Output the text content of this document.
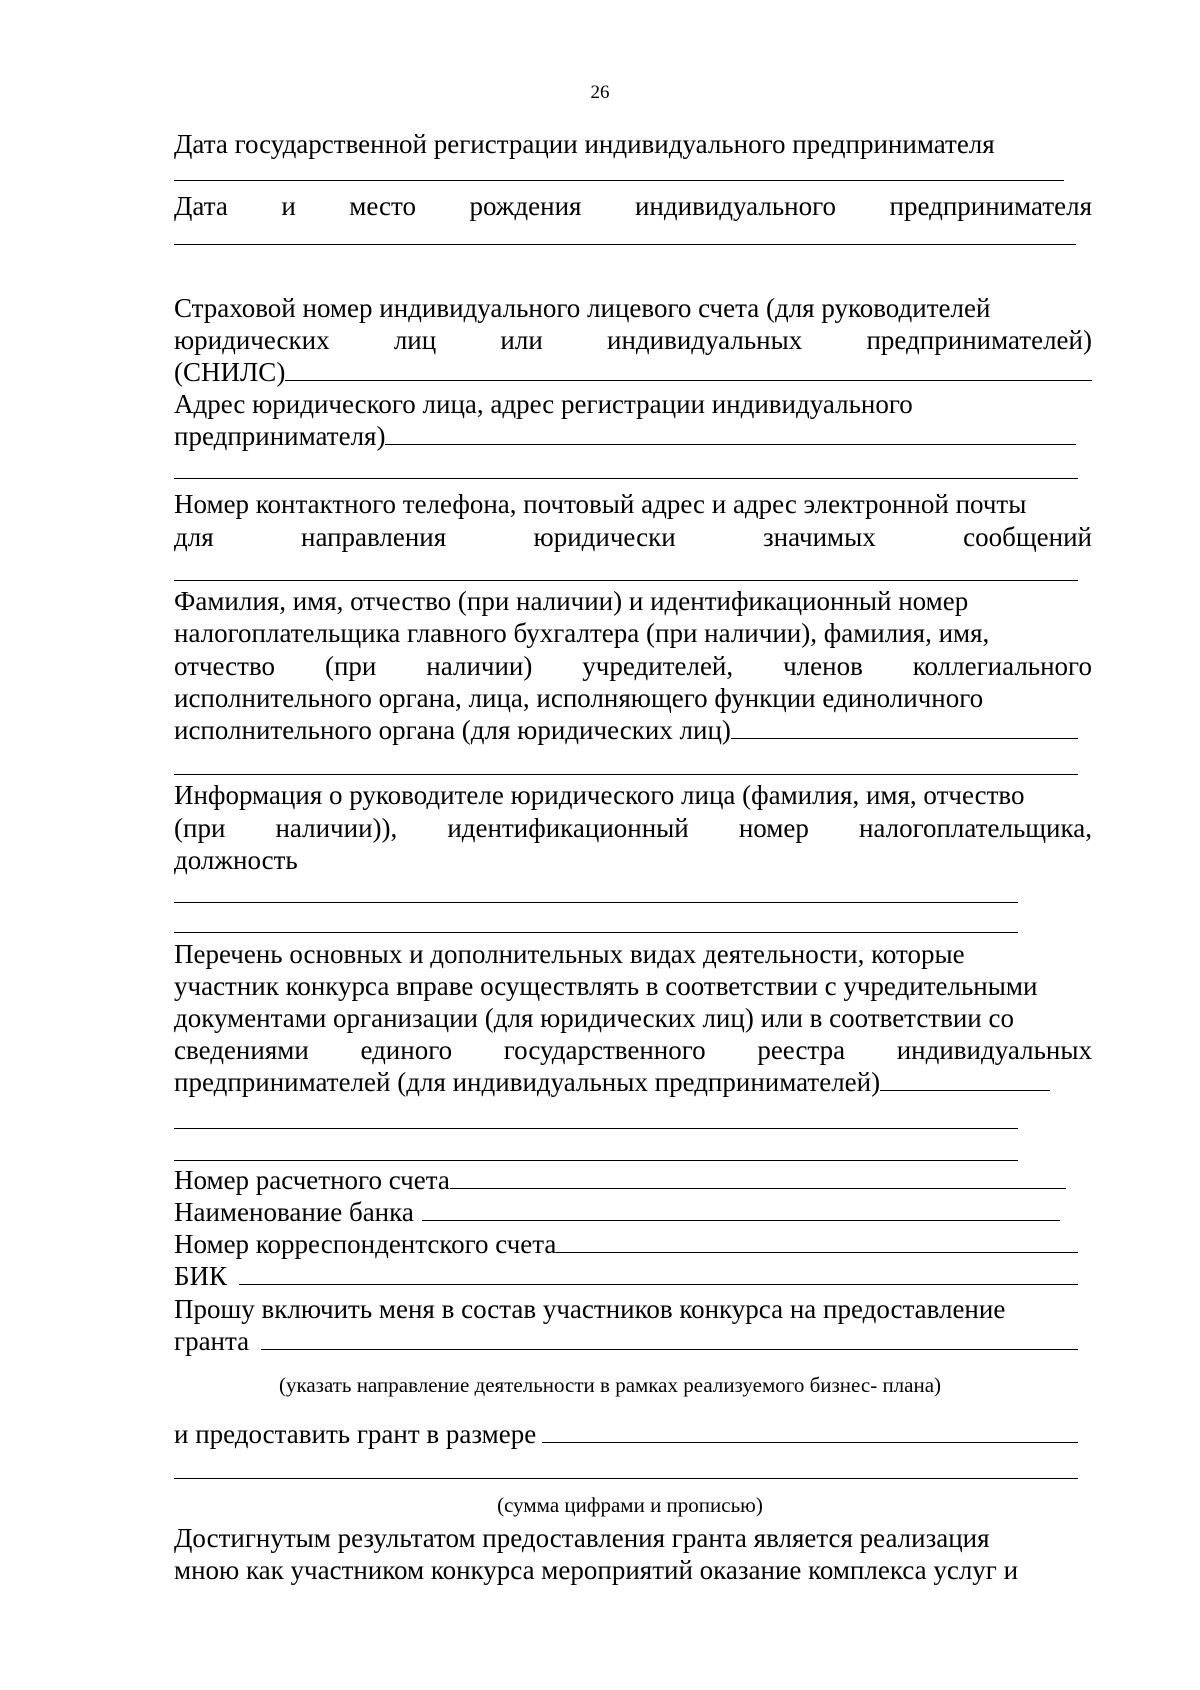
26
Дата государственной регистрации индивидуального предпринимателя
Дата и место рождения индивидуального предпринимателя
Страховой номер индивидуального лицевого счета (для руководителей
юридических лиц или индивидуальных предпринимателей)
(СНИЛС)
Адрес юридического лица, адрес регистрации индивидуального
предпринимателя)
Номер контактного телефона, почтовый адрес и адрес электронной почты
для	направления	юридически	значимых	сообщений
Фамилия, имя, отчество (при наличии) и идентификационный номер
налогоплательщика главного бухгалтера (при наличии), фамилия, имя,
отчество (при наличии) учредителей, членов коллегиального
исполнительного органа, лица, исполняющего функции единоличного
исполнительного органа (для юридических лиц)
Информация о руководителе юридического лица (фамилия, имя, отчество
(при наличии)), идентификационный номер налогоплательщика,
должность
Перечень основных и дополнительных видах деятельности, которые
участник конкурса вправе осуществлять в соответствии с учредительными
документами организации (для юридических лиц) или в соответствии со
сведениями единого государственного реестра индивидуальных
предпринимателей (для индивидуальных предпринимателей)
Номер расчетного счета
Наименование банка
Номер корреспондентского счета
БИК
Прошу включить меня в состав участников конкурса на предоставление
гранта
(указать направление деятельности в рамках реализуемого бизнес- плана)
и предоставить грант в размере
(сумма цифрами и прописью)
Достигнутым результатом предоставления гранта является реализация
мною как участником конкурса мероприятий оказание комплекса услуг и
